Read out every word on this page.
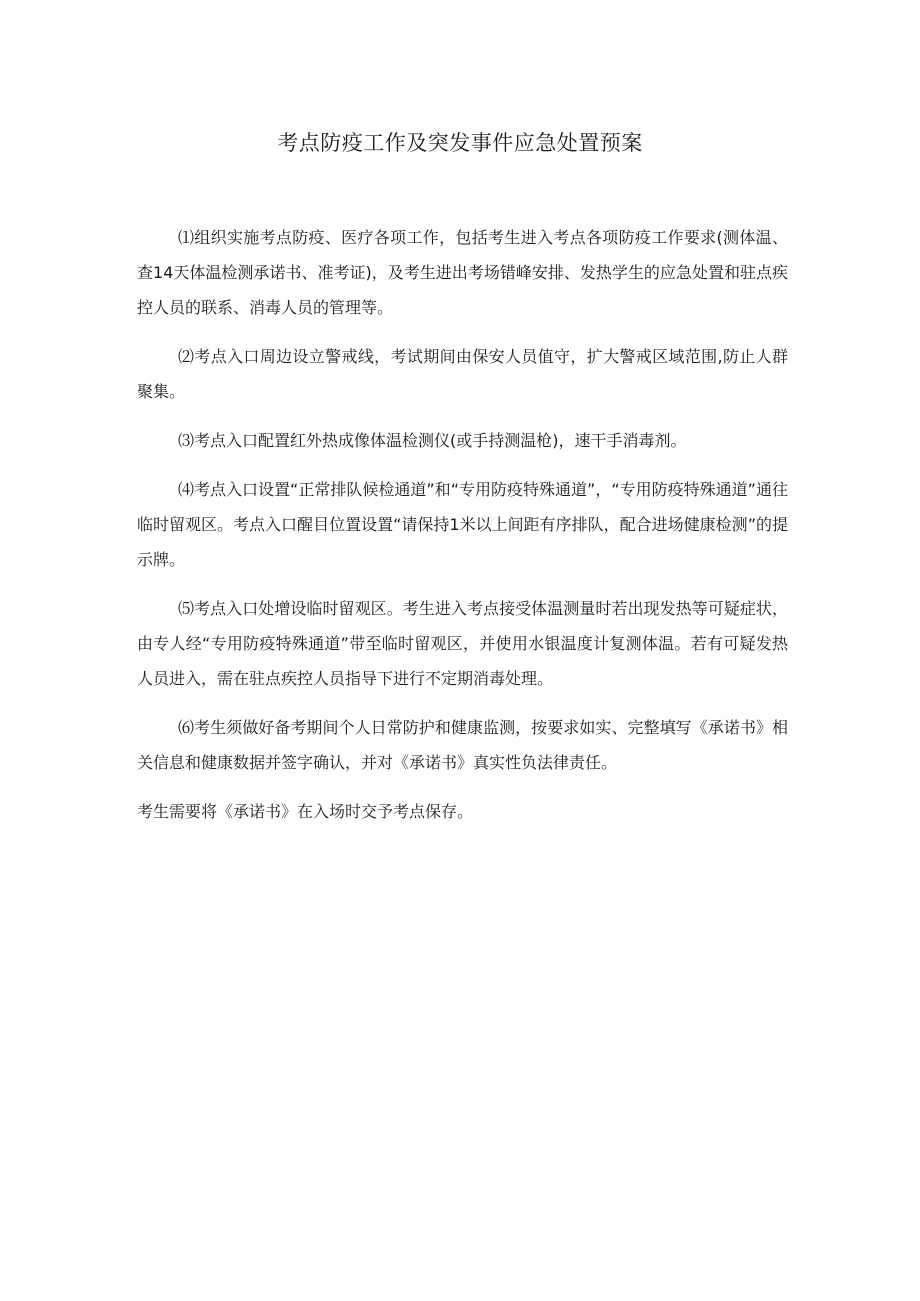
考点防疫工作及突发事件应急处置预案

⑴组织实施考点防疫、医疗各项工作，包括考生进入考点各项防疫工作要求(测体温、查14天体温检测承诺书、准考证)，及考生进出考场错峰安排、发热学生的应急处置和驻点疾控人员的联系、消毒人员的管理等。

⑵考点入口周边设立警戒线，考试期间由保安人员值守，扩大警戒区域范围,防止人群聚集。

⑶考点入口配置红外热成像体温检测仪(或手持测温枪)，速干手消毒剂。

⑷考点入口设置“正常排队候检通道”和“专用防疫特殊通道”，“专用防疫特殊通道”通往临时留观区。考点入口醒目位置设置“请保持1米以上间距有序排队，配合进场健康检测”的提示牌。

⑸考点入口处增设临时留观区。考生进入考点接受体温测量时若出现发热等可疑症状，由专人经“专用防疫特殊通道”带至临时留观区，并使用水银温度计复测体温。若有可疑发热人员进入，需在驻点疾控人员指导下进行不定期消毒处理。

⑹考生须做好备考期间个人日常防护和健康监测，按要求如实、完整填写《承诺书》相关信息和健康数据并签字确认，并对《承诺书》真实性负法律责任。

考生需要将《承诺书》在入场时交予考点保存。
